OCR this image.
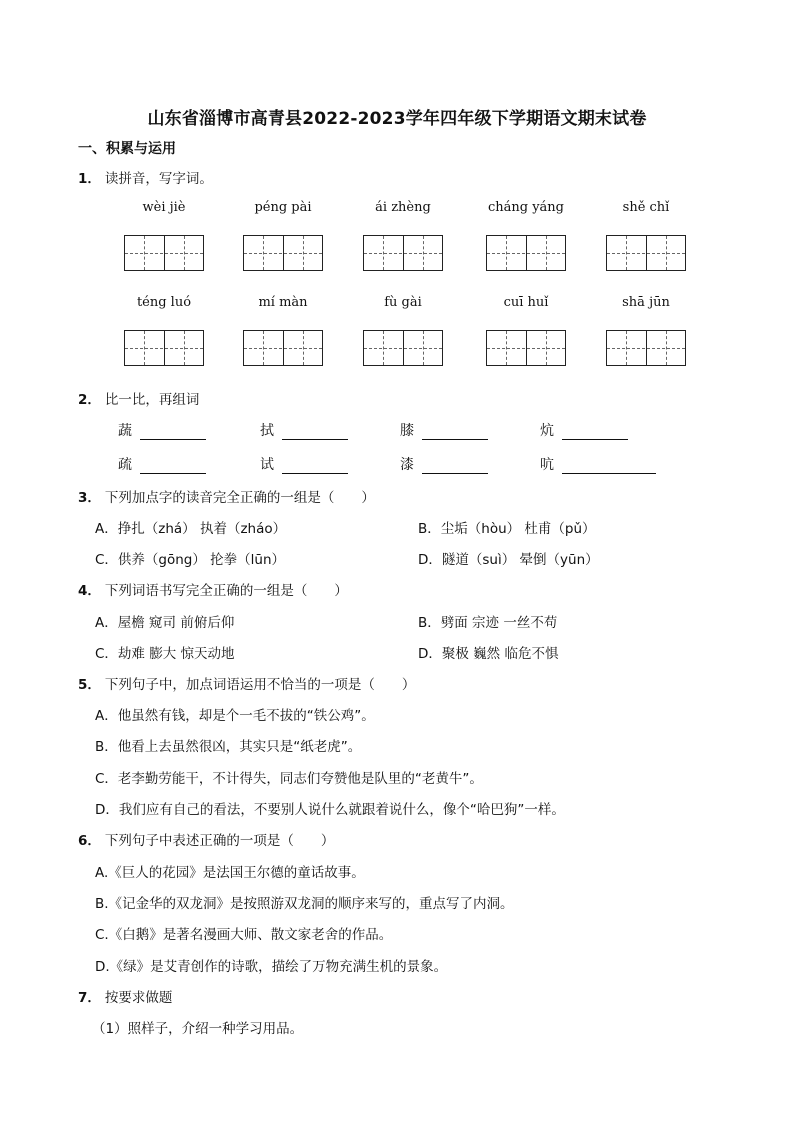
山东省淄博市高青县2022-2023学年四年级下学期语文期末试卷
一、积累与运用
1． 读拼音，写字词。
wèi jiè	péng pài	ái zhèng	cháng yáng	shě chǐ
téng luó	mí màn	fù gài	cuī huǐ	shā jūn
2． 比一比，再组词
蔬	拭	膝	炕
疏	试	漆	吭
3． 下列加点字的读音完全正确的一组是（　　）
A．挣扎（zhá） 执着（zháo）	B．尘垢（hòu） 杜甫（pǔ）
C．供养（gōng） 抡拳（lūn）	D．隧道（suì） 晕倒（yūn）
4． 下列词语书写完全正确的一组是（　　）
A．屋檐 窥司 前俯后仰	B．劈面 宗迹 一丝不苟
C．劫难 膨大 惊天动地	D．聚极 巍然 临危不惧
5． 下列句子中，加点词语运用不恰当的一项是（　　）
A．他虽然有钱，却是个一毛不拔的“铁公鸡”。
B．他看上去虽然很凶，其实只是“纸老虎”。
C．老李勤劳能干，不计得失，同志们夸赞他是队里的“老黄牛”。
D．我们应有自己的看法，不要别人说什么就跟着说什么，像个“哈巴狗”一样。
6． 下列句子中表述正确的一项是（　　）
A.《巨人的花园》是法国王尔德的童话故事。
B.《记金华的双龙洞》是按照游双龙洞的顺序来写的，重点写了内洞。
C.《白鹅》是著名漫画大师、散文家老舍的作品。
D.《绿》是艾青创作的诗歌，描绘了万物充满生机的景象。
7． 按要求做题
（1）照样子，介绍一种学习用品。
